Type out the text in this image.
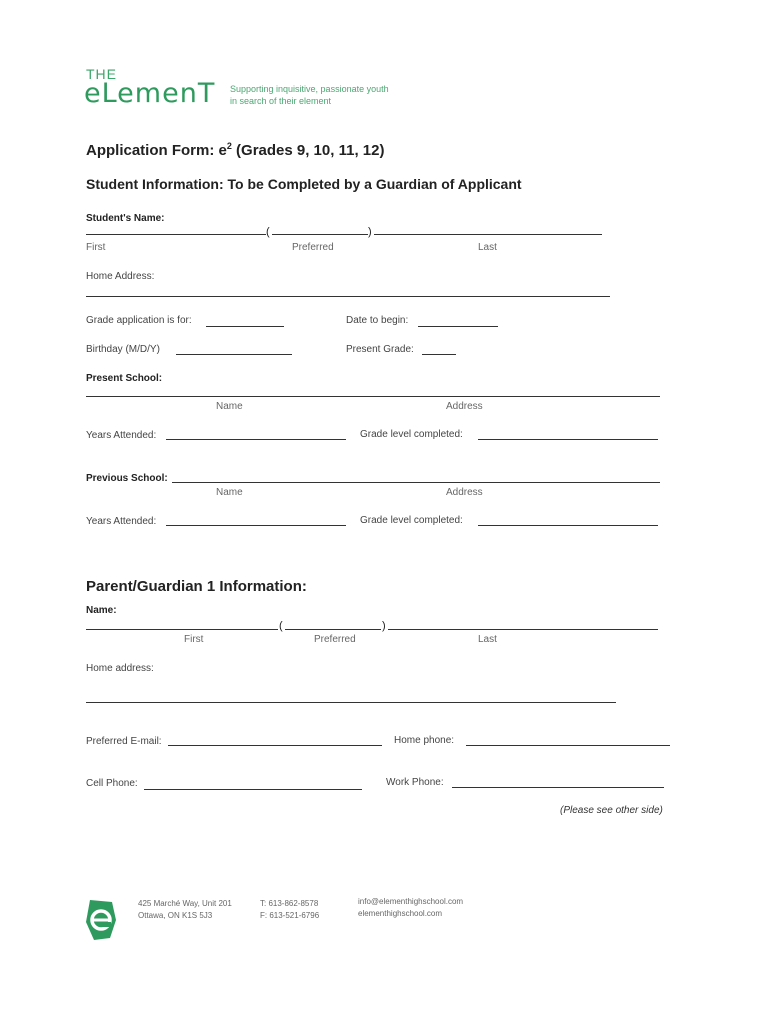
THE
eLemenT Supporting inquisitive, passionate youth
in search of their element
Application Form: $e^2$ (Grades 9, 10, 11, 12)
Student Information: To be Completed by a Guardian of Applicant
Student's Name:
(	)
First	Preferred	Last
Home Address:
Grade application is for:	Date to begin:
Birthday (M/D/Y)	Present Grade:
Present School:
Name	Address
Years Attended:	Grade level completed:
Previous School:
Name	Address
Years Attended:	Grade level completed:
Parent/Guardian 1 Information:
Name:
(	)
First	Preferred	Last
Home address:
Preferred E-mail:	Home phone:
Cell Phone:	Work Phone:
(Please see other side)
425 Marché Way, Unit 201
Ottawa, ON K1S 5J3
T: 613-862-8578
F: 613-521-6796
info@elementhighschool.com
elementhighschool.com
